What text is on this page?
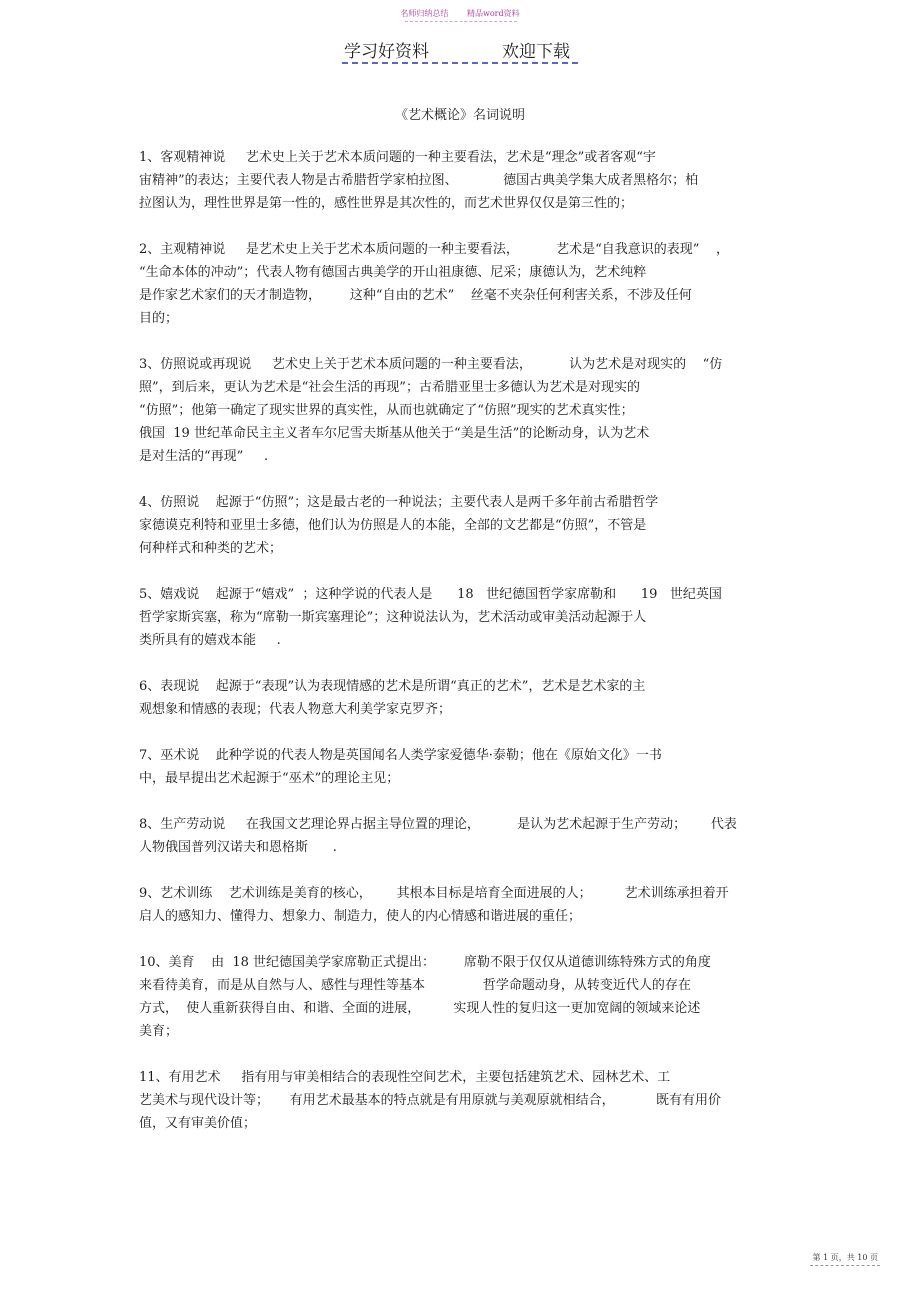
名师归纳总结 精品word资料
学习好资料	欢迎下载
《艺术概论》名词说明
1、客观精神说     艺术史上关于艺术本质问题的一种主要看法，艺术是“理念”或者客观“宇
宙精神”的表达；主要代表人物是古希腊哲学家柏拉图、           德国古典美学集大成者黑格尔；柏
拉图认为，理性世界是第一性的，感性世界是其次性的，而艺术世界仅仅是第三性的；
2、主观精神说     是艺术史上关于艺术本质问题的一种主要看法，         艺术是“自我意识的表现”    ，
“生命本体的冲动”；代表人物有德国古典美学的开山祖康德、尼采；康德认为，艺术纯粹
是作家艺术家们的天才制造物，       这种“自由的艺术”    丝毫不夹杂任何利害关系，不涉及任何
目的；
3、仿照说或再现说     艺术史上关于艺术本质问题的一种主要看法，         认为艺术是对现实的    “仿
照”，到后来，更认为艺术是“社会生活的再现”；古希腊亚里士多德认为艺术是对现实的
“仿照”；他第一确定了现实世界的真实性，从而也就确定了“仿照”现实的艺术真实性；
俄国  19 世纪革命民主主义者车尔尼雪夫斯基从他关于“美是生活”的论断动身，认为艺术
是对生活的“再现”     .
4、仿照说    起源于“仿照”；这是最古老的一种说法；主要代表人是两千多年前古希腊哲学
家德谟克利特和亚里士多德，他们认为仿照是人的本能，全部的文艺都是“仿照”，不管是
何种样式和种类的艺术；
5、嬉戏说    起源于“嬉戏”  ；这种学说的代表人是      18   世纪德国哲学家席勒和      19   世纪英国
哲学家斯宾塞，称为“席勒一斯宾塞理论”；这种说法认为，艺术活动或审美活动起源于人
类所具有的嬉戏本能     .
6、表现说    起源于“表现”认为表现情感的艺术是所谓“真正的艺术”，艺术是艺术家的主
观想象和情感的表现；代表人物意大利美学家克罗齐；
7、巫术说    此种学说的代表人物是英国闻名人类学家爱德华·泰勒；他在《原始文化》一书
中，最早提出艺术起源于“巫术”的理论主见；
8、生产劳动说     在我国文艺理论界占据主导位置的理论，         是认为艺术起源于生产劳动；      代表
人物俄国普列汉诺夫和恩格斯      .
9、艺术训练    艺术训练是美育的核心，      其根本目标是培育全面进展的人；        艺术训练承担着开
启人的感知力、懂得力、想象力、制造力，使人的内心情感和谐进展的重任；
10、美育    由  18 世纪德国美学家席勒正式提出：       席勒不限于仅仅从道德训练特殊方式的角度
来看待美育，而是从自然与人、感性与理性等基本              哲学命题动身，从转变近代人的存在
方式，  使人重新获得自由、和谐、全面的进展，        实现人性的复归这一更加宽阔的领域来论述
美育；
11、有用艺术     指有用与审美相结合的表现性空间艺术，主要包括建筑艺术、园林艺术、工
艺美术与现代设计等；     有用艺术最基本的特点就是有用原就与美观原就相结合，          既有有用价
值，又有审美价值；
第 1 页，共 10 页
